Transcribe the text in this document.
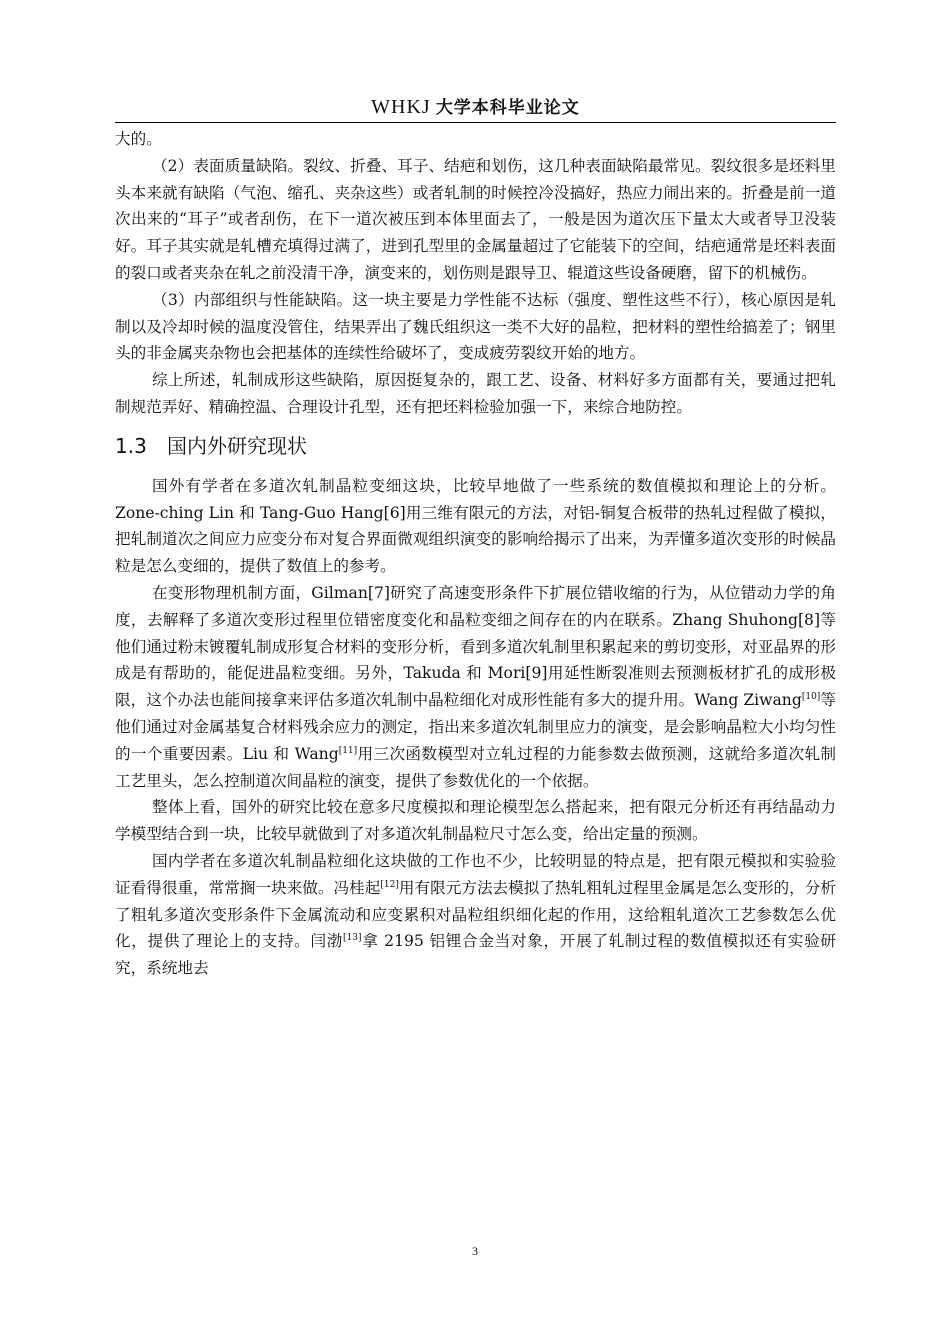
WHKJ 大学本科毕业论文

大的。

（2）表面质量缺陷。裂纹、折叠、耳子、结疤和划伤，这几种表面缺陷最常见。裂纹很多是坯料里头本来就有缺陷（气泡、缩孔、夹杂这些）或者轧制的时候控冷没搞好，热应力闹出来的。折叠是前一道次出来的“耳子”或者刮伤，在下一道次被压到本体里面去了，一般是因为道次压下量太大或者导卫没装好。耳子其实就是轧槽充填得过满了，进到孔型里的金属量超过了它能装下的空间，结疤通常是坯料表面的裂口或者夹杂在轧之前没清干净，演变来的，划伤则是跟导卫、辊道这些设备硬磨，留下的机械伤。

（3）内部组织与性能缺陷。这一块主要是力学性能不达标（强度、塑性这些不行），核心原因是轧制以及冷却时候的温度没管住，结果弄出了魏氏组织这一类不大好的晶粒，把材料的塑性给搞差了；钢里头的非金属夹杂物也会把基体的连续性给破坏了，变成疲劳裂纹开始的地方。

综上所述，轧制成形这些缺陷，原因挺复杂的，跟工艺、设备、材料好多方面都有关，要通过把轧制规范弄好、精确控温、合理设计孔型，还有把坯料检验加强一下，来综合地防控。

1.3 国内外研究现状

国外有学者在多道次轧制晶粒变细这块，比较早地做了一些系统的数值模拟和理论上的分析。Zone-ching Lin 和 Tang-Guo Hang[6]用三维有限元的方法，对铝-铜复合板带的热轧过程做了模拟，把轧制道次之间应力应变分布对复合界面微观组织演变的影响给揭示了出来，为弄懂多道次变形的时候晶粒是怎么变细的，提供了数值上的参考。

在变形物理机制方面，Gilman[7]研究了高速变形条件下扩展位错收缩的行为，从位错动力学的角度，去解释了多道次变形过程里位错密度变化和晶粒变细之间存在的内在联系。Zhang Shuhong[8]等他们通过粉末镀覆轧制成形复合材料的变形分析，看到多道次轧制里积累起来的剪切变形，对亚晶界的形成是有帮助的，能促进晶粒变细。另外，Takuda 和 Mori[9]用延性断裂准则去预测板材扩孔的成形极限，这个办法也能间接拿来评估多道次轧制中晶粒细化对成形性能有多大的提升用。Wang Ziwang[10]等他们通过对金属基复合材料残余应力的测定，指出来多道次轧制里应力的演变，是会影响晶粒大小均匀性的一个重要因素。Liu 和 Wang[11]用三次函数模型对立轧过程的力能参数去做预测，这就给多道次轧制工艺里头，怎么控制道次间晶粒的演变，提供了参数优化的一个依据。

整体上看，国外的研究比较在意多尺度模拟和理论模型怎么搭起来，把有限元分析还有再结晶动力学模型结合到一块，比较早就做到了对多道次轧制晶粒尺寸怎么变，给出定量的预测。

国内学者在多道次轧制晶粒细化这块做的工作也不少，比较明显的特点是，把有限元模拟和实验验证看得很重，常常搁一块来做。冯桂起[12]用有限元方法去模拟了热轧粗轧过程里金属是怎么变形的，分析了粗轧多道次变形条件下金属流动和应变累积对晶粒组织细化起的作用，这给粗轧道次工艺参数怎么优化，提供了理论上的支持。闫渤[13]拿 2195 铝锂合金当对象，开展了轧制过程的数值模拟还有实验研究，系统地去

3
